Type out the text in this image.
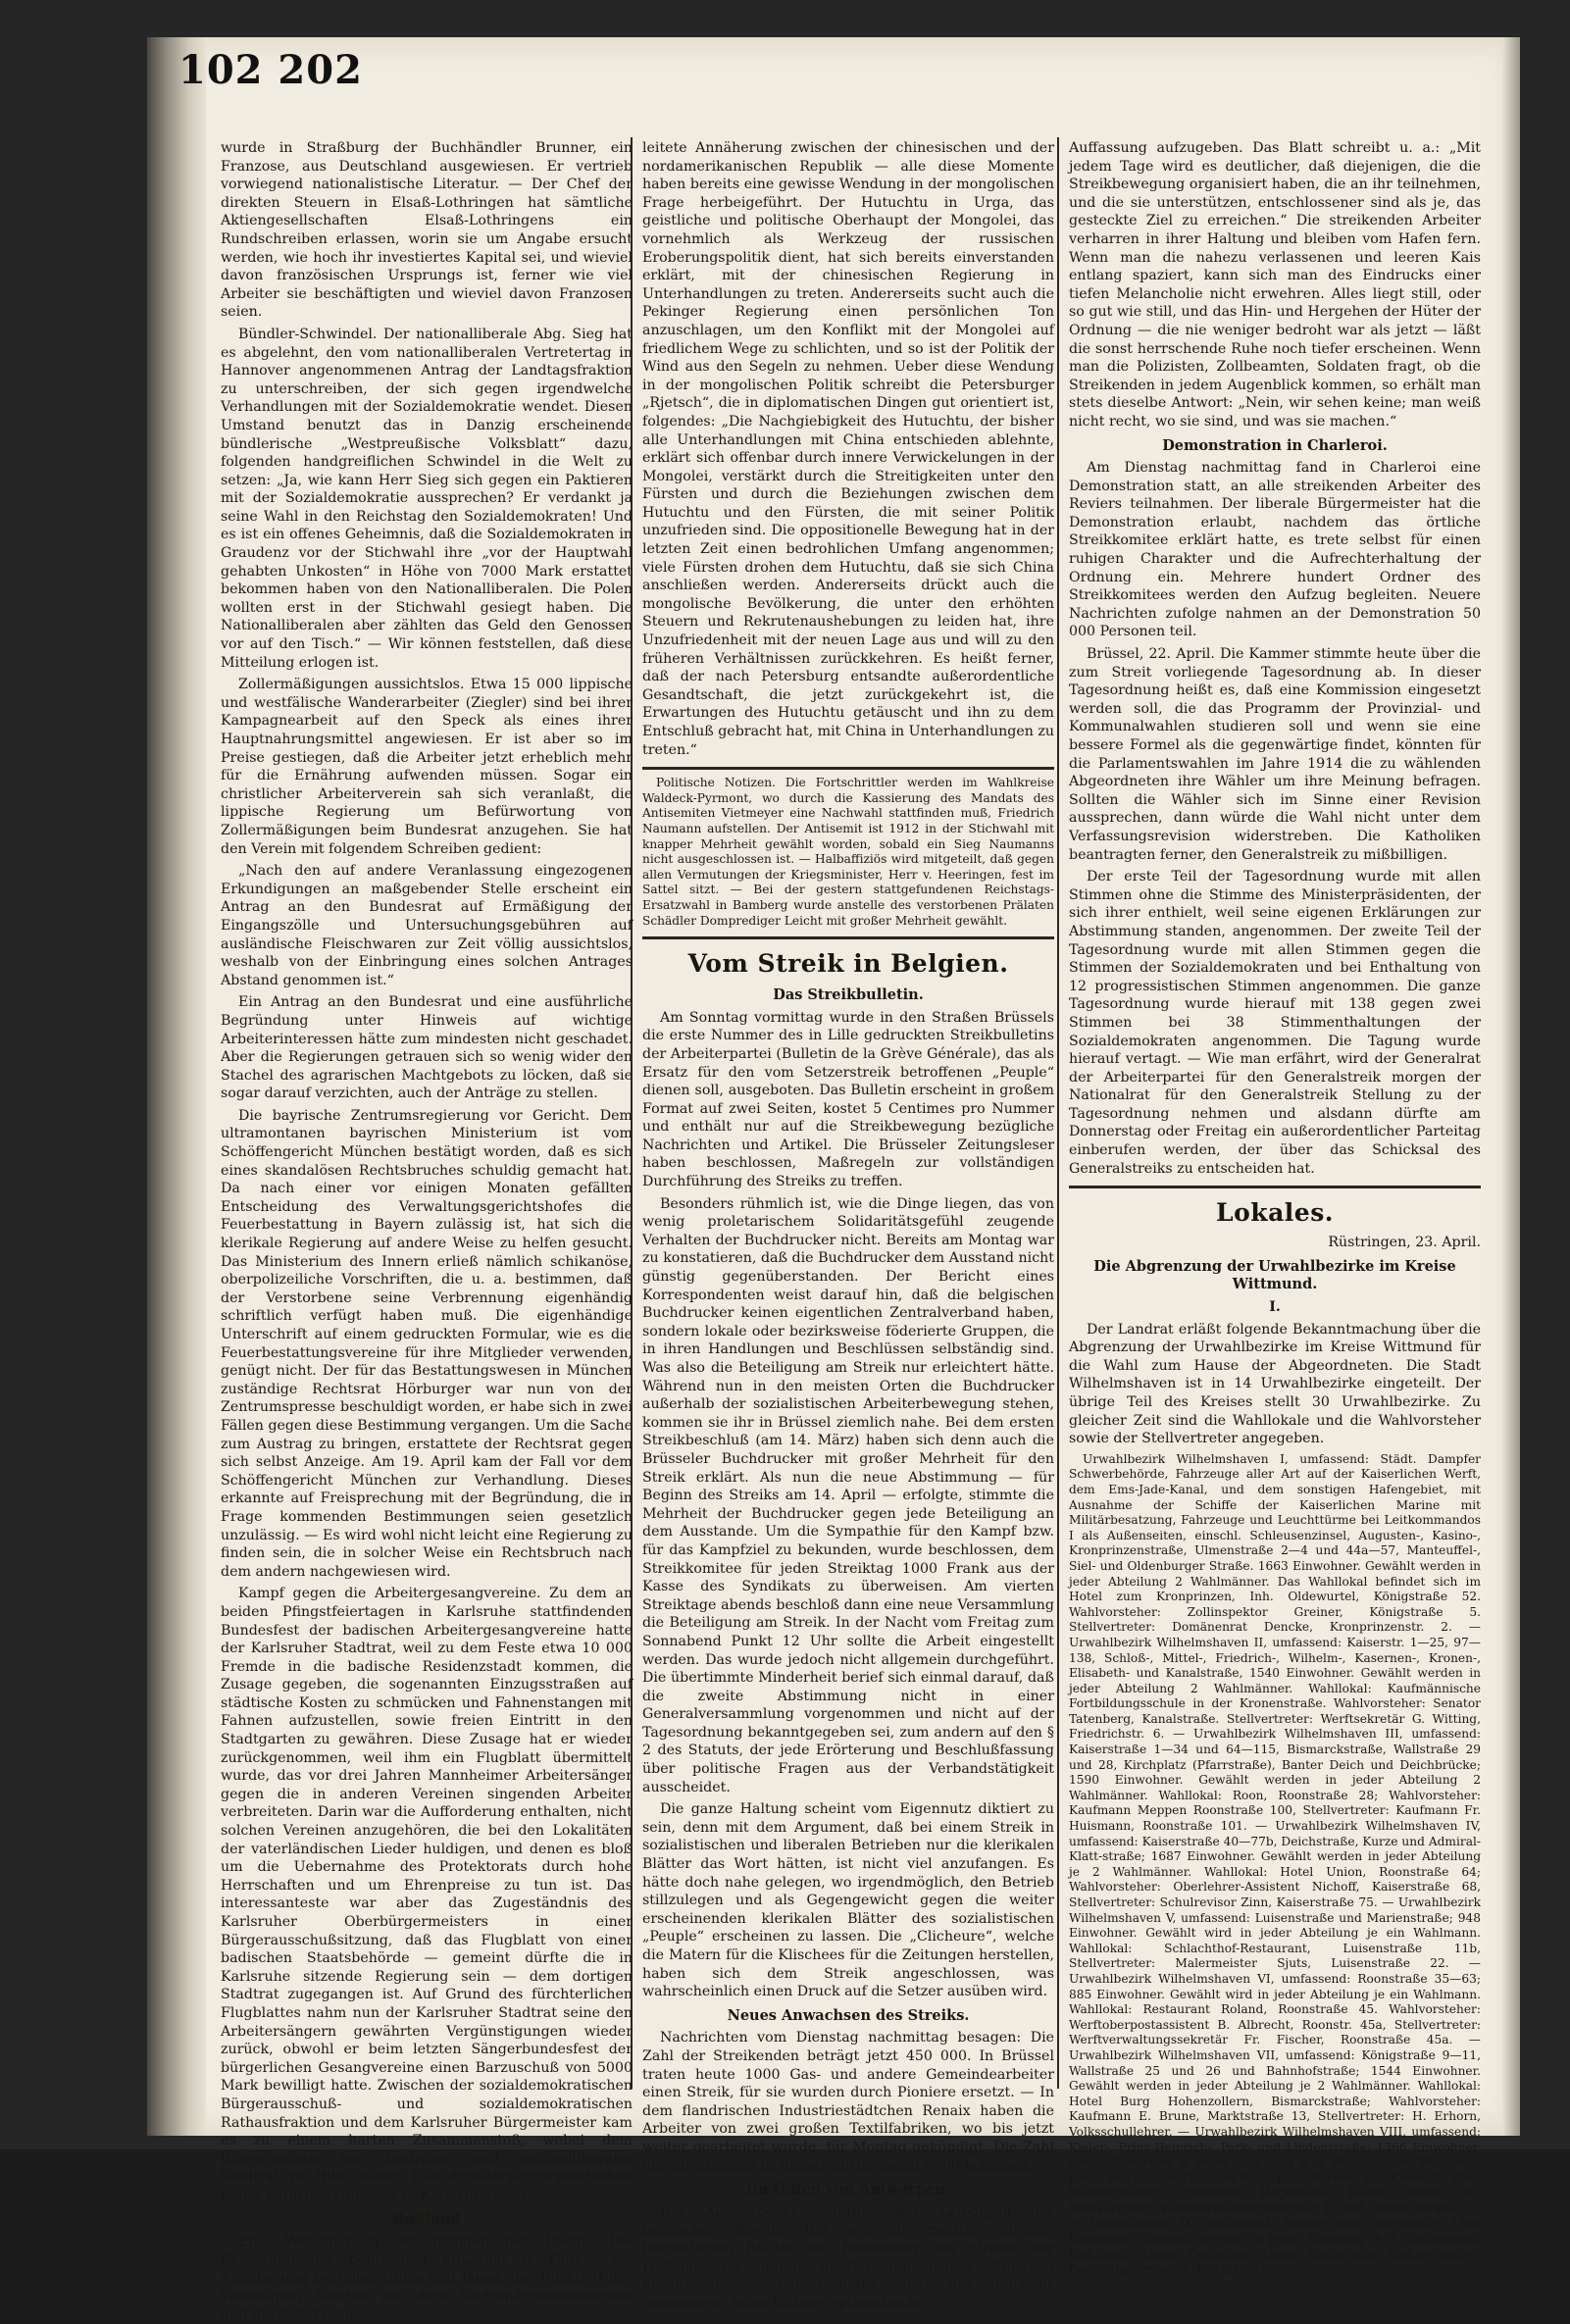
102 202

wurde in Straßburg der Buchhändler Brunner, ein Franzose, aus Deutschland ausgewiesen. Er vertrieb vorwiegend nationalistische Literatur. — Der Chef der direkten Steuern in Elsaß-Lothringen hat sämtliche Aktiengesellschaften Elsaß-Lothringens ein Rundschreiben erlassen, worin sie um Angabe ersucht werden, wie hoch ihr investiertes Kapital sei, und wieviel davon französischen Ursprungs ist, ferner wie viel Arbeiter sie beschäftigten und wieviel davon Franzosen seien.

Bündler-Schwindel. Der nationalliberale Abg. Sieg hat es abgelehnt, den vom nationalliberalen Vertretertag in Hannover angenommenen Antrag der Landtagsfraktion zu unterschreiben, der sich gegen irgendwelche Verhandlungen mit der Sozialdemokratie wendet. Diesen Umstand benutzt das in Danzig erscheinende bündlerische „Westpreußische Volksblatt“ dazu, folgenden handgreiflichen Schwindel in die Welt zu setzen: „Ja, wie kann Herr Sieg sich gegen ein Paktieren mit der Sozialdemokratie aussprechen? Er verdankt ja seine Wahl in den Reichstag den Sozialdemokraten! Und es ist ein offenes Geheimnis, daß die Sozialdemokraten in Graudenz vor der Stichwahl ihre „vor der Hauptwahl gehabten Unkosten“ in Höhe von 7000 Mark erstattet bekommen haben von den Nationalliberalen. Die Polen wollten erst in der Stichwahl gesiegt haben. Die Nationalliberalen aber zählten das Geld den Genossen vor auf den Tisch.“ — Wir können feststellen, daß diese Mitteilung erlogen ist.

Zollermäßigungen aussichtslos. Etwa 15 000 lippische und westfälische Wanderarbeiter (Ziegler) sind bei ihrer Kampagnearbeit auf den Speck als eines ihrer Hauptnahrungsmittel angewiesen. Er ist aber so im Preise gestiegen, daß die Arbeiter jetzt erheblich mehr für die Ernährung aufwenden müssen. Sogar ein christlicher Arbeiterverein sah sich veranlaßt, die lippische Regierung um Befürwortung von Zollermäßigungen beim Bundesrat anzugehen. Sie hat den Verein mit folgendem Schreiben gedient:

„Nach den auf andere Veranlassung eingezogenen Erkundigungen an maßgebender Stelle erscheint ein Antrag an den Bundesrat auf Ermäßigung der Eingangszölle und Untersuchungsgebühren auf ausländische Fleischwaren zur Zeit völlig aussichtslos, weshalb von der Einbringung eines solchen Antrages Abstand genommen ist.“

Ein Antrag an den Bundesrat und eine ausführliche Begründung unter Hinweis auf wichtige Arbeiterinteressen hätte zum mindesten nicht geschadet. Aber die Regierungen getrauen sich so wenig wider den Stachel des agrarischen Machtgebots zu löcken, daß sie sogar darauf verzichten, auch der Anträge zu stellen.

Die bayrische Zentrumsregierung vor Gericht. Dem ultramontanen bayrischen Ministerium ist vom Schöffengericht München bestätigt worden, daß es sich eines skandalösen Rechtsbruches schuldig gemacht hat. Da nach einer vor einigen Monaten gefällten Entscheidung des Verwaltungsgerichtshofes die Feuerbestattung in Bayern zulässig ist, hat sich die klerikale Regierung auf andere Weise zu helfen gesucht. Das Ministerium des Innern erließ nämlich schikanöse, oberpolizeiliche Vorschriften, die u. a. bestimmen, daß der Verstorbene seine Verbrennung eigenhändig schriftlich verfügt haben muß. Die eigenhändige Unterschrift auf einem gedruckten Formular, wie es die Feuerbestattungsvereine für ihre Mitglieder verwenden, genügt nicht. Der für das Bestattungswesen in München zuständige Rechtsrat Hörburger war nun von der Zentrumspresse beschuldigt worden, er habe sich in zwei Fällen gegen diese Bestimmung vergangen. Um die Sache zum Austrag zu bringen, erstattete der Rechtsrat gegen sich selbst Anzeige. Am 19. April kam der Fall vor dem Schöffengericht München zur Verhandlung. Dieses erkannte auf Freisprechung mit der Begründung, die in Frage kommenden Bestimmungen seien gesetzlich unzulässig. — Es wird wohl nicht leicht eine Regierung zu finden sein, die in solcher Weise ein Rechtsbruch nach dem andern nachgewiesen wird.

Kampf gegen die Arbeitergesangvereine. Zu dem an beiden Pfingstfeiertagen in Karlsruhe stattfindenden Bundesfest der badischen Arbeitergesangvereine hatte der Karlsruher Stadtrat, weil zu dem Feste etwa 10 000 Fremde in die badische Residenzstadt kommen, die Zusage gegeben, die sogenannten Einzugsstraßen auf städtische Kosten zu schmücken und Fahnenstangen mit Fahnen aufzustellen, sowie freien Eintritt in den Stadtgarten zu gewähren. Diese Zusage hat er wieder zurückgenommen, weil ihm ein Flugblatt übermittelt wurde, das vor drei Jahren Mannheimer Arbeitersänger gegen die in anderen Vereinen singenden Arbeiter verbreiteten. Darin war die Aufforderung enthalten, nicht solchen Vereinen anzugehören, die bei den Lokalitäten der vaterländischen Lieder huldigen, und denen es bloß um die Uebernahme des Protektorats durch hohe Herrschaften und um Ehrenpreise zu tun ist. Das interessanteste war aber das Zugeständnis des Karlsruher Oberbürgermeisters in einer Bürgerausschußsitzung, daß das Flugblatt von einer badischen Staatsbehörde — gemeint dürfte die in Karlsruhe sitzende Regierung sein — dem dortigen Stadtrat zugegangen ist. Auf Grund des fürchterlichen Flugblattes nahm nun der Karlsruher Stadtrat seine den Arbeitersängern gewährten Vergünstigungen wieder zurück, obwohl er beim letzten Sängerbundesfest der bürgerlichen Gesangvereine einen Barzuschuß von 5000 Mark bewilligt hatte. Zwischen der sozialdemokratischen Bürgerausschuß- und sozialdemokratischen Rathausfraktion und dem Karlsruher Bürgermeister kam es zu einem harten Zusammenstoß, wobei dem Bürgermeister von Zentrums- und nationalliberaler Stadtrat zu Hilfe eilten. Das Arbeitersängerbundesfest findet natürlich trotzdem in Karlsruhe statt.

Rußland

Eine Wendung in der mongolischen Politik. Die Besserung der politischen Situation in China, die Annäherung zwischen China und Japan, der Rücktritt der Vereinigten Staaten von dem Sechsmächtekonsortium und die damit einge-

leitete Annäherung zwischen der chinesischen und der nordamerikanischen Republik — alle diese Momente haben bereits eine gewisse Wendung in der mongolischen Frage herbeigeführt. Der Hutuchtu in Urga, das geistliche und politische Oberhaupt der Mongolei, das vornehmlich als Werkzeug der russischen Eroberungspolitik dient, hat sich bereits einverstanden erklärt, mit der chinesischen Regierung in Unterhandlungen zu treten. Andererseits sucht auch die Pekinger Regierung einen persönlichen Ton anzuschlagen, um den Konflikt mit der Mongolei auf friedlichem Wege zu schlichten, und so ist der Politik der Wind aus den Segeln zu nehmen. Ueber diese Wendung in der mongolischen Politik schreibt die Petersburger „Rjetsch“, die in diplomatischen Dingen gut orientiert ist, folgendes: „Die Nachgiebigkeit des Hutuchtu, der bisher alle Unterhandlungen mit China entschieden ablehnte, erklärt sich offenbar durch innere Verwickelungen in der Mongolei, verstärkt durch die Streitigkeiten unter den Fürsten und durch die Beziehungen zwischen dem Hutuchtu und den Fürsten, die mit seiner Politik unzufrieden sind. Die oppositionelle Bewegung hat in der letzten Zeit einen bedrohlichen Umfang angenommen; viele Fürsten drohen dem Hutuchtu, daß sie sich China anschließen werden. Andererseits drückt auch die mongolische Bevölkerung, die unter den erhöhten Steuern und Rekrutenaushebungen zu leiden hat, ihre Unzufriedenheit mit der neuen Lage aus und will zu den früheren Verhältnissen zurückkehren. Es heißt ferner, daß der nach Petersburg entsandte außerordentliche Gesandtschaft, die jetzt zurückgekehrt ist, die Erwartungen des Hutuchtu getäuscht und ihn zu dem Entschluß gebracht hat, mit China in Unterhandlungen zu treten.“

Politische Notizen. Die Fortschrittler werden im Wahlkreise Waldeck-Pyrmont, wo durch die Kassierung des Mandats des Antisemiten Vietmeyer eine Nachwahl stattfinden muß, Friedrich Naumann aufstellen. Der Antisemit ist 1912 in der Stichwahl mit knapper Mehrheit gewählt worden, sobald ein Sieg Naumanns nicht ausgeschlossen ist. — Halbaffiziös wird mitgeteilt, daß gegen allen Vermutungen der Kriegsminister, Herr v. Heeringen, fest im Sattel sitzt. — Bei der gestern stattgefundenen Reichstags-Ersatzwahl in Bamberg wurde anstelle des verstorbenen Prälaten Schädler Domprediger Leicht mit großer Mehrheit gewählt.

Vom Streik in Belgien.
Das Streikbulletin.

Am Sonntag vormittag wurde in den Straßen Brüssels die erste Nummer des in Lille gedruckten Streikbulletins der Arbeiterpartei (Bulletin de la Grève Générale), das als Ersatz für den vom Setzerstreik betroffenen „Peuple“ dienen soll, ausgeboten. Das Bulletin erscheint in großem Format auf zwei Seiten, kostet 5 Centimes pro Nummer und enthält nur auf die Streikbewegung bezügliche Nachrichten und Artikel. Die Brüsseler Zeitungsleser haben beschlossen, Maßregeln zur vollständigen Durchführung des Streiks zu treffen.

Besonders rühmlich ist, wie die Dinge liegen, das von wenig proletarischem Solidaritätsgefühl zeugende Verhalten der Buchdrucker nicht. Bereits am Montag war zu konstatieren, daß die Buchdrucker dem Ausstand nicht günstig gegenüberstanden. Der Bericht eines Korrespondenten weist darauf hin, daß die belgischen Buchdrucker keinen eigentlichen Zentralverband haben, sondern lokale oder bezirksweise föderierte Gruppen, die in ihren Handlungen und Beschlüssen selbständig sind. Was also die Beteiligung am Streik nur erleichtert hätte. Während nun in den meisten Orten die Buchdrucker außerhalb der sozialistischen Arbeiterbewegung stehen, kommen sie ihr in Brüssel ziemlich nahe. Bei dem ersten Streikbeschluß (am 14. März) haben sich denn auch die Brüsseler Buchdrucker mit großer Mehrheit für den Streik erklärt. Als nun die neue Abstimmung — für Beginn des Streiks am 14. April — erfolgte, stimmte die Mehrheit der Buchdrucker gegen jede Beteiligung an dem Ausstande. Um die Sympathie für den Kampf bzw. für das Kampfziel zu bekunden, wurde beschlossen, dem Streikkomitee für jeden Streiktag 1000 Frank aus der Kasse des Syndikats zu überweisen. Am vierten Streiktage abends beschloß dann eine neue Versammlung die Beteiligung am Streik. In der Nacht vom Freitag zum Sonnabend Punkt 12 Uhr sollte die Arbeit eingestellt werden. Das wurde jedoch nicht allgemein durchgeführt. Die übertimmte Minderheit berief sich einmal darauf, daß die zweite Abstimmung nicht in einer Generalversammlung vorgenommen und nicht auf der Tagesordnung bekanntgegeben sei, zum andern auf den § 2 des Statuts, der jede Erörterung und Beschlußfassung über politische Fragen aus der Verbandstätigkeit ausscheidet.

Die ganze Haltung scheint vom Eigennutz diktiert zu sein, denn mit dem Argument, daß bei einem Streik in sozialistischen und liberalen Betrieben nur die klerikalen Blätter das Wort hätten, ist nicht viel anzufangen. Es hätte doch nahe gelegen, wo irgendmöglich, den Betrieb stillzulegen und als Gegengewicht gegen die weiter erscheinenden klerikalen Blätter des sozialistischen „Peuple“ erscheinen zu lassen. Die „Clicheure“, welche die Matern für die Klischees für die Zeitungen herstellen, haben sich dem Streik angeschlossen, was wahrscheinlich einen Druck auf die Setzer ausüben wird.

Neues Anwachsen des Streiks.

Nachrichten vom Dienstag nachmittag besagen: Die Zahl der Streikenden beträgt jetzt 450 000. In Brüssel traten heute 1000 Gas- und andere Gemeindearbeiter einen Streik, für sie wurden durch Pioniere ersetzt. — In dem flandrischen Industriestädtchen Renaix haben die Arbeiter von zwei großen Textilfabriken, wo bis jetzt weiter gearbeitet wurde, für Montag gekündigt. Die Zahl der Streikenden in Renaix dürfte damit 6000 betragen.

Im Hafen von Antwerpen.

Der Antwerpener „Matin“, das Leiborgan der belgischen Reeder, der wie die meisten übrigen bürgerlichen Blätter die Bedeutung des Streiks der Hafenarbeiter durch allerlei tendenziöse Angaben herabzusetzen versucht hatte, sieht sich nunmehr gezwungen, seine frühere optimistische

Auffassung aufzugeben. Das Blatt schreibt u. a.: „Mit jedem Tage wird es deutlicher, daß diejenigen, die die Streikbewegung organisiert haben, die an ihr teilnehmen, und die sie unterstützen, entschlossener sind als je, das gesteckte Ziel zu erreichen.“ Die streikenden Arbeiter verharren in ihrer Haltung und bleiben vom Hafen fern. Wenn man die nahezu verlassenen und leeren Kais entlang spaziert, kann sich man des Eindrucks einer tiefen Melancholie nicht erwehren. Alles liegt still, oder so gut wie still, und das Hin- und Hergehen der Hüter der Ordnung — die nie weniger bedroht war als jetzt — läßt die sonst herrschende Ruhe noch tiefer erscheinen. Wenn man die Polizisten, Zollbeamten, Soldaten fragt, ob die Streikenden in jedem Augenblick kommen, so erhält man stets dieselbe Antwort: „Nein, wir sehen keine; man weiß nicht recht, wo sie sind, und was sie machen.“

Demonstration in Charleroi.

Am Dienstag nachmittag fand in Charleroi eine Demonstration statt, an alle streikenden Arbeiter des Reviers teilnahmen. Der liberale Bürgermeister hat die Demonstration erlaubt, nachdem das örtliche Streikkomitee erklärt hatte, es trete selbst für einen ruhigen Charakter und die Aufrechterhaltung der Ordnung ein. Mehrere hundert Ordner des Streikkomitees werden den Aufzug begleiten. Neuere Nachrichten zufolge nahmen an der Demonstration 50 000 Personen teil.

Brüssel, 22. April. Die Kammer stimmte heute über die zum Streit vorliegende Tagesordnung ab. In dieser Tagesordnung heißt es, daß eine Kommission eingesetzt werden soll, die das Programm der Provinzial- und Kommunalwahlen studieren soll und wenn sie eine bessere Formel als die gegenwärtige findet, könnten für die Parlamentswahlen im Jahre 1914 die zu wählenden Abgeordneten ihre Wähler um ihre Meinung befragen. Sollten die Wähler sich im Sinne einer Revision aussprechen, dann würde die Wahl nicht unter dem Verfassungsrevision widerstreben. Die Katholiken beantragten ferner, den Generalstreik zu mißbilligen.

Der erste Teil der Tagesordnung wurde mit allen Stimmen ohne die Stimme des Ministerpräsidenten, der sich ihrer enthielt, weil seine eigenen Erklärungen zur Abstimmung standen, angenommen. Der zweite Teil der Tagesordnung wurde mit allen Stimmen gegen die Stimmen der Sozialdemokraten und bei Enthaltung von 12 progressistischen Stimmen angenommen. Die ganze Tagesordnung wurde hierauf mit 138 gegen zwei Stimmen bei 38 Stimmenthaltungen der Sozialdemokraten angenommen. Die Tagung wurde hierauf vertagt. — Wie man erfährt, wird der Generalrat der Arbeiterpartei für den Generalstreik morgen der Nationalrat für den Generalstreik Stellung zu der Tagesordnung nehmen und alsdann dürfte am Donnerstag oder Freitag ein außerordentlicher Parteitag einberufen werden, der über das Schicksal des Generalstreiks zu entscheiden hat.

Lokales.
Rüstringen, 23. April.
Die Abgrenzung der Urwahlbezirke im Kreise Wittmund.
I.

Der Landrat erläßt folgende Bekanntmachung über die Abgrenzung der Urwahlbezirke im Kreise Wittmund für die Wahl zum Hause der Abgeordneten. Die Stadt Wilhelmshaven ist in 14 Urwahlbezirke eingeteilt. Der übrige Teil des Kreises stellt 30 Urwahlbezirke. Zu gleicher Zeit sind die Wahllokale und die Wahlvorsteher sowie der Stellvertreter angegeben.

Urwahlbezirk Wilhelmshaven I, umfassend: Städt. Dampfer Schwerbehörde, Fahrzeuge aller Art auf der Kaiserlichen Werft, dem Ems-Jade-Kanal, und dem sonstigen Hafengebiet, mit Ausnahme der Schiffe der Kaiserlichen Marine mit Militärbesatzung, Fahrzeuge und Leuchttürme bei Leitkommandos I als Außenseiten, einschl. Schleusenzinsel, Augusten-, Kasino-, Kronprinzenstraße, Ulmenstraße 2—4 und 44a—57, Manteuffel-, Siel- und Oldenburger Straße. 1663 Einwohner. Gewählt werden in jeder Abteilung 2 Wahlmänner. Das Wahllokal befindet sich im Hotel zum Kronprinzen, Inh. Oldewurtel, Königstraße 52. Wahlvorsteher: Zollinspektor Greiner, Königstraße 5. Stellvertreter: Domänenrat Dencke, Kronprinzenstr. 2. — Urwahlbezirk Wilhelmshaven II, umfassend: Kaiserstr. 1—25, 97—138, Schloß-, Mittel-, Friedrich-, Wilhelm-, Kasernen-, Kronen-, Elisabeth- und Kanalstraße, 1540 Einwohner. Gewählt werden in jeder Abteilung 2 Wahlmänner. Wahllokal: Kaufmännische Fortbildungsschule in der Kronenstraße. Wahlvorsteher: Senator Tatenberg, Kanalstraße. Stellvertreter: Werftsekretär G. Witting, Friedrichstr. 6. — Urwahlbezirk Wilhelmshaven III, umfassend: Kaiserstraße 1—34 und 64—115, Bismarckstraße, Wallstraße 29 und 28, Kirchplatz (Pfarrstraße), Banter Deich und Deichbrücke; 1590 Einwohner. Gewählt werden in jeder Abteilung 2 Wahlmänner. Wahllokal: Roon, Roonstraße 28; Wahlvorsteher: Kaufmann Meppen Roonstraße 100, Stellvertreter: Kaufmann Fr. Huismann, Roonstraße 101. — Urwahlbezirk Wilhelmshaven IV, umfassend: Kaiserstraße 40—77b, Deichstraße, Kurze und Admiral-Klatt-straße; 1687 Einwohner. Gewählt werden in jeder Abteilung je 2 Wahlmänner. Wahllokal: Hotel Union, Roonstraße 64; Wahlvorsteher: Oberlehrer-Assistent Nichoff, Kaiserstraße 68, Stellvertreter: Schulrevisor Zinn, Kaiserstraße 75. — Urwahlbezirk Wilhelmshaven V, umfassend: Luisenstraße und Marienstraße; 948 Einwohner. Gewählt wird in jeder Abteilung je ein Wahlmann. Wahllokal: Schlachthof-Restaurant, Luisenstraße 11b, Stellvertreter: Malermeister Sjuts, Luisenstraße 22. — Urwahlbezirk Wilhelmshaven VI, umfassend: Roonstraße 35—63; 885 Einwohner. Gewählt wird in jeder Abteilung je ein Wahlmann. Wahllokal: Restaurant Roland, Roonstraße 45. Wahlvorsteher: Werftoberpostassistent B. Albrecht, Roonstr. 45a, Stellvertreter: Werftverwaltungssekretär Fr. Fischer, Roonstraße 45a. — Urwahlbezirk Wilhelmshaven VII, umfassend: Königstraße 9—11, Wallstraße 25 und 26 und Bahnhofstraße; 1544 Einwohner. Gewählt werden in jeder Abteilung je 2 Wahlmänner. Wahllokal: Hotel Burg Hohenzollern, Bismarckstraße; Wahlvorsteher: Kaufmann E. Brune, Marktstraße 13, Stellvertreter: H. Erhorn, Volksschullehrer. — Urwahlbezirk Wilhelmshaven VIII, umfassend: Kieler-, Prinz-Heinrich-, Park- und Lindenstraße; 1366 Einwohner. Gewählt werden in jeder Abteilung je 2 Wahlmänner. Wahllokal: Hotel Reichsadler (Inhaber Rohl, Ecke Börsen- und Kieler Straße); Wahlvorsteher: Apotheker Hagemann, Kieler Straße 48, Stellvertreter: Werftverwaltungssekretär E. Kuß, Kieler Straße 62. — Urwahlbezirk IX, umfassend: Börsen- und Peterstraße; 1268 Einwohner. Gewählt werden in jeder Abteilung je 2 Wahlmänner. Wahllokal: Hotel Deutsches Haus, Wallstraße; Wahlvorsteher: Rechnungsrevisor a. D. Falk, Peterstr.
